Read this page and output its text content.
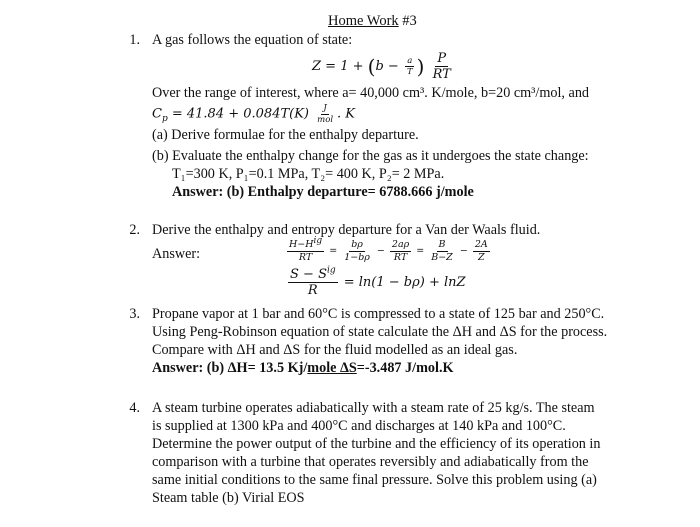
Home Work #3
1. A gas follows the equation of state:
$Z = 1 + (b - \frac{a}{T}$ ) $\frac{P}{RT}$
Over the range of interest, where a= 40,000 cm³. K/mole, b=20 cm³/mol, and
$C_p = 41.84 + 0.084T(K) \frac{J}{\text{mol}}$ . K
(a) Derive formulae for the enthalpy departure.
(b) Evaluate the enthalpy change for the gas as it undergoes the state change:
T₁=300 K, P₁=0.1 MPa, T₂= 400 K, P₂= 2 MPa.
Answer: (b) Enthalpy departure= 6788.666 j/mole
2. Derive the enthalpy and entropy departure for a Van der Waals fluid.
Answer:	$\frac{H-H^{ig}}{RT} = \frac{b\rho}{1-b\rho} - \frac{2a\rho}{RT} = \frac{B}{B-Z} - \frac{2A}{Z}$
$\frac{S - S^{ig}}{R} = \ln(1 - b\rho) + \ln Z$
3. Propane vapor at 1 bar and 60°C is compressed to a state of 125 bar and 250°C.
Using Peng-Robinson equation of state calculate the ΔH and ΔS for the process.
Compare with ΔH and ΔS for the fluid modelled as an ideal gas.
Answer: (b) ΔH= 13.5 Kj/mole ΔS=-3.487 J/mol.K
4. A steam turbine operates adiabatically with a steam rate of 25 kg/s. The steam
is supplied at 1300 kPa and 400°C and discharges at 140 kPa and 100°C.
Determine the power output of the turbine and the efficiency of its operation in
comparison with a turbine that operates reversibly and adiabatically from the
same initial conditions to the same final pressure. Solve this problem using (a)
Steam table (b) Virial EOS
